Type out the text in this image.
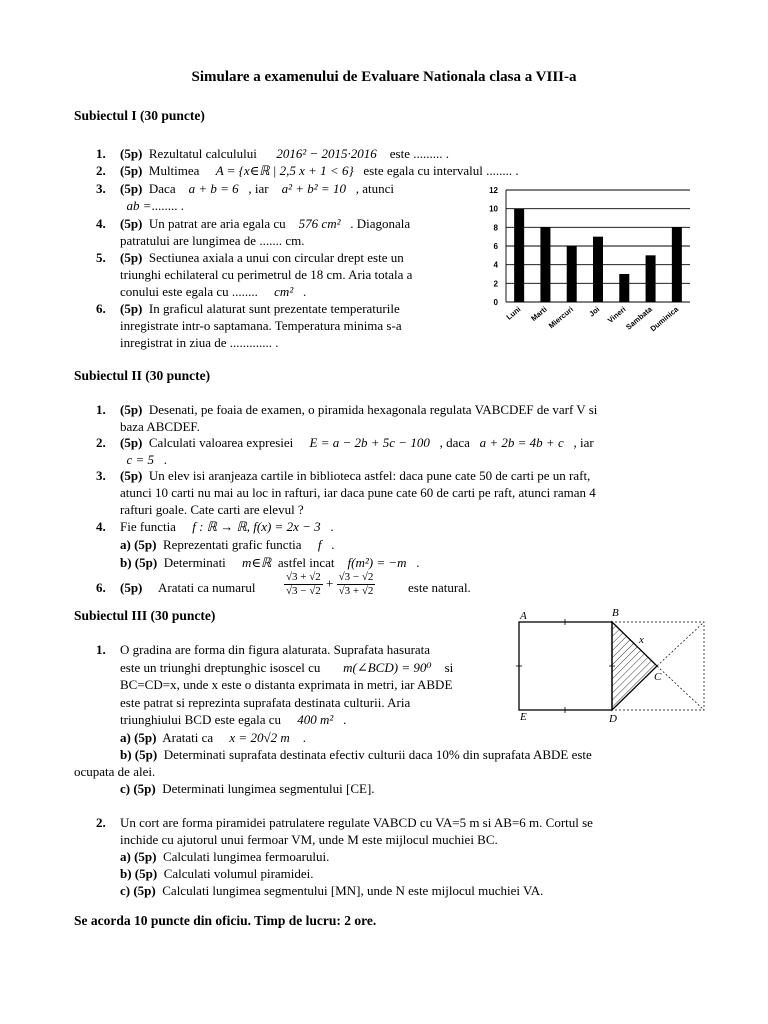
Simulare a examenului de Evaluare Nationala clasa a VIII-a
Subiectul I (30 puncte)
1.	(5p) Rezultatul calculului 2016² − 2015·2016 este ......... .
2.	(5p) Multimea A = {x∈ℝ | 2,5 x + 1 < 6} este egala cu intervalul ........ .
3.	(5p) Daca a + b = 6 , iar a² + b² = 10 , atunci
ab =........ .
4.	(5p) Un patrat are aria egala cu 576 cm² . Diagonala
patratului are lungimea de ....... cm.
5.	(5p) Sectiunea axiala a unui con circular drept este un
triunghi echilateral cu perimetrul de 18 cm. Aria totala a
conului este egala cu ........ cm² .
6.	(5p) In graficul alaturat sunt prezentate temperaturile
inregistrate intr-o saptamana. Temperatura minima s-a
inregistrat in ziua de ............. .
0
2
4
6
8
10
12
Luni Marti
Miercuri Joi Vineri
Sambata
Duminica
Subiectul II (30 puncte)
1.	(5p) Desenati, pe foaia de examen, o piramida hexagonala regulata VABCDEF de varf V si
baza ABCDEF.
2.	(5p) Calculati valoarea expresiei E = a − 2b + 5c − 100 , daca a + 2b = 4b + c , iar
c = 5 .
3.	(5p) Un elev isi aranjeaza cartile in biblioteca astfel: daca pune cate 50 de carti pe un raft,
atunci 10 carti nu mai au loc in rafturi, iar daca pune cate 60 de carti pe raft, atunci raman 4
rafturi goale. Cate carti are elevul ?
4.	Fie functia f : ℝ → ℝ, f(x) = 2x − 3 .
a) (5p) Reprezentati grafic functia f .
b) (5p) Determinati m∈ℝ astfel incat f(m²) = −m .
6.	(5p)	Aratati ca numarul	$\frac{√3 + √2}{√3 - √2} + \frac{√3 - √2}{√3 + √2}$	este natural.
Subiectul III (30 puncte)
1.	O gradina are forma din figura alaturata. Suprafata hasurata
este un triunghi dreptunghic isoscel cu m(∠BCD) = 90⁰ si
BC=CD=x, unde x este o distanta exprimata in metri, iar ABDE
este patrat si reprezinta suprafata destinata culturii. Aria
triunghiului BCD este egala cu 400 m² .
a) (5p) Aratati ca x = 20√2 m .
b) (5p) Determinati suprafata destinata efectiv culturii daca 10% din suprafata ABDE este
ocupata de alei.
c) (5p) Determinati lungimea segmentului [CE].
2.	Un cort are forma piramidei patrulatere regulate VABCD cu VA=5 m si AB=6 m. Cortul se
inchide cu ajutorul unui fermoar VM, unde M este mijlocul muchiei BC.
a) (5p) Calculati lungimea fermoarului.
b) (5p) Calculati volumul piramidei.
c) (5p) Calculati lungimea segmentului [MN], unde N este mijlocul muchiei VA.
A	B
C
D
E
x
Se acorda 10 puncte din oficiu. Timp de lucru: 2 ore.
